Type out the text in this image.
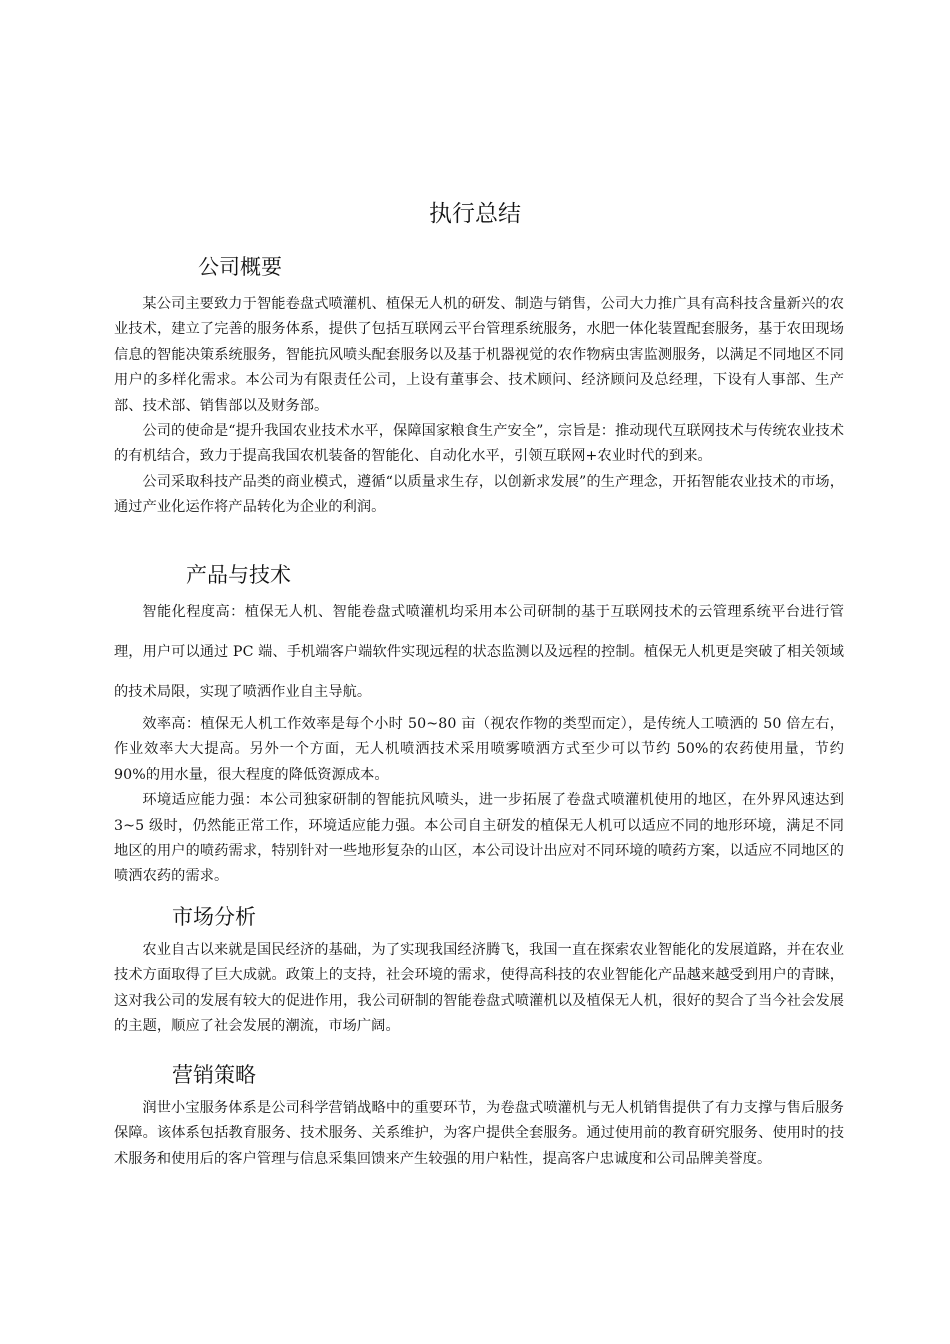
执行总结
公司概要

某公司主要致力于智能卷盘式喷灌机、植保无人机的研发、制造与销售，公司大力推广具有高科技含量新兴的农业技术，建立了完善的服务体系，提供了包括互联网云平台管理系统服务，水肥一体化装置配套服务，基于农田现场信息的智能决策系统服务，智能抗风喷头配套服务以及基于机器视觉的农作物病虫害监测服务，以满足不同地区不同用户的多样化需求。本公司为有限责任公司，上设有董事会、技术顾问、经济顾问及总经理，下设有人事部、生产部、技术部、销售部以及财务部。

公司的使命是“提升我国农业技术水平，保障国家粮食生产安全”，宗旨是：推动现代互联网技术与传统农业技术的有机结合，致力于提高我国农机装备的智能化、自动化水平，引领互联网+农业时代的到来。

公司采取科技产品类的商业模式，遵循“以质量求生存，以创新求发展”的生产理念，开拓智能农业技术的市场，通过产业化运作将产品转化为企业的利润。

产品与技术

智能化程度高：植保无人机、智能卷盘式喷灌机均采用本公司研制的基于互联网技术的云管理系统平台进行管理，用户可以通过 PC 端、手机端客户端软件实现远程的状态监测以及远程的控制。植保无人机更是突破了相关领域的技术局限，实现了喷洒作业自主导航。

效率高：植保无人机工作效率是每个小时 50~80 亩（视农作物的类型而定），是传统人工喷洒的 50 倍左右，作业效率大大提高。另外一个方面，无人机喷洒技术采用喷雾喷洒方式至少可以节约 50%的农药使用量，节约 90%的用水量，很大程度的降低资源成本。

环境适应能力强：本公司独家研制的智能抗风喷头，进一步拓展了卷盘式喷灌机使用的地区，在外界风速达到 3~5 级时，仍然能正常工作，环境适应能力强。本公司自主研发的植保无人机可以适应不同的地形环境，满足不同地区的用户的喷药需求，特别针对一些地形复杂的山区，本公司设计出应对不同环境的喷药方案，以适应不同地区的喷洒农药的需求。

市场分析

农业自古以来就是国民经济的基础，为了实现我国经济腾飞，我国一直在探索农业智能化的发展道路，并在农业技术方面取得了巨大成就。政策上的支持，社会环境的需求，使得高科技的农业智能化产品越来越受到用户的青睐，这对我公司的发展有较大的促进作用，我公司研制的智能卷盘式喷灌机以及植保无人机，很好的契合了当今社会发展的主题，顺应了社会发展的潮流，市场广阔。

营销策略

润世小宝服务体系是公司科学营销战略中的重要环节，为卷盘式喷灌机与无人机销售提供了有力支撑与售后服务保障。该体系包括教育服务、技术服务、关系维护，为客户提供全套服务。通过使用前的教育研究服务、使用时的技术服务和使用后的客户管理与信息采集回馈来产生较强的用户粘性，提高客户忠诚度和公司品牌美誉度。
